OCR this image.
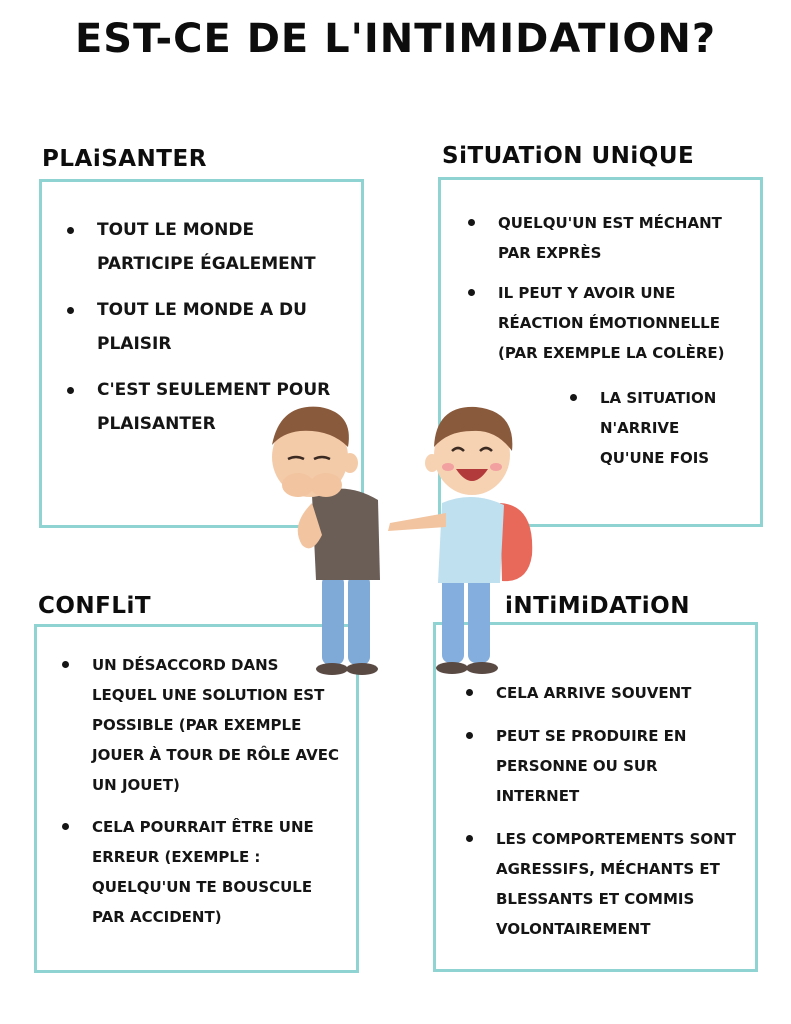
EST-CE DE L'INTIMIDATION?
PLAiSANTER	SiTUATiON UNiQUE
CONFLiT	iNTiMiDATiON
TOUT LE MONDE PARTICIPE ÉGALEMENT
TOUT LE MONDE A DU PLAISIR
C'EST SEULEMENT POUR PLAISANTER
QUELQU'UN EST MÉCHANT PAR EXPRÈS
IL PEUT Y AVOIR UNE RÉACTION ÉMOTIONNELLE (PAR EXEMPLE LA COLÈRE)
LA SITUATION N'ARRIVE QU'UNE FOIS
UN DÉSACCORD DANS LEQUEL UNE SOLUTION EST POSSIBLE (PAR EXEMPLE JOUER À TOUR DE RÔLE AVEC UN JOUET)
CELA POURRAIT ÊTRE UNE ERREUR (EXEMPLE : QUELQU'UN TE BOUSCULE PAR ACCIDENT)
CELA ARRIVE SOUVENT
PEUT SE PRODUIRE EN PERSONNE OU SUR INTERNET
LES COMPORTEMENTS SONT AGRESSIFS, MÉCHANTS ET BLESSANTS ET COMMIS VOLONTAIREMENT
